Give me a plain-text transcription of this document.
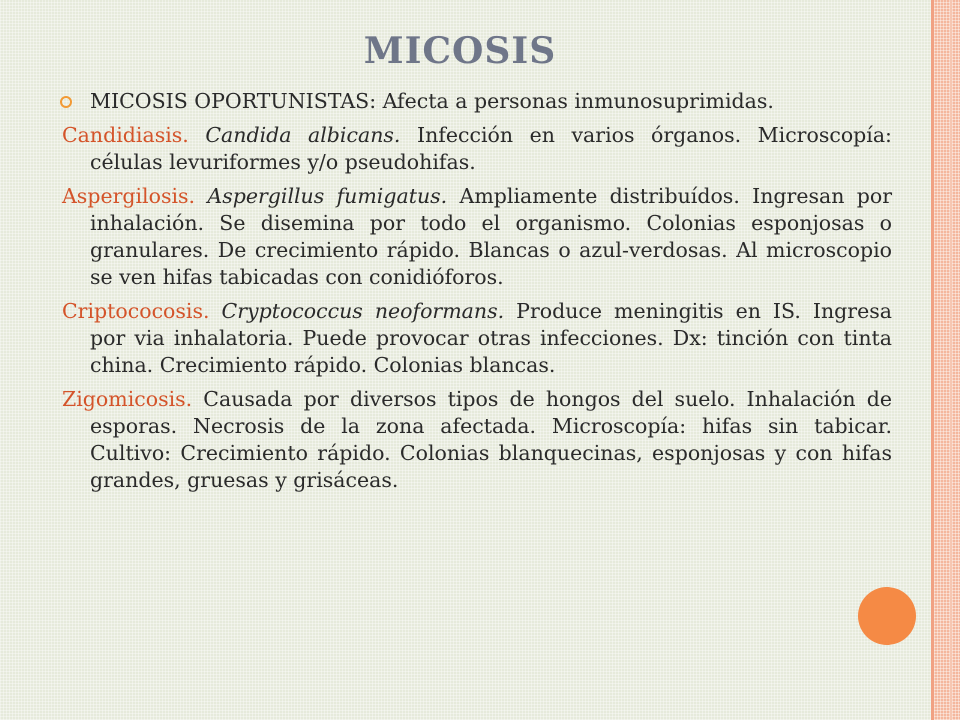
MICOSIS

MICOSIS OPORTUNISTAS: Afecta a personas inmunosuprimidas.

Candidiasis. Candida albicans. Infección en varios órganos. Microscopía: células levuriformes y/o pseudohifas.

Aspergilosis. Aspergillus fumigatus. Ampliamente distribuídos. Ingresan por inhalación. Se disemina por todo el organismo. Colonias esponjosas o granulares. De crecimiento rápido. Blancas o azul-verdosas. Al microscopio se ven hifas tabicadas con conidióforos.

Criptococosis. Cryptococcus neoformans. Produce meningitis en IS. Ingresa por via inhalatoria. Puede provocar otras infecciones. Dx: tinción con tinta china. Crecimiento rápido. Colonias blancas.

Zigomicosis. Causada por diversos tipos de hongos del suelo. Inhalación de esporas. Necrosis de la zona afectada. Microscopía: hifas sin tabicar. Cultivo: Crecimiento rápido. Colonias blanquecinas, esponjosas y con hifas grandes, gruesas y grisáceas.
